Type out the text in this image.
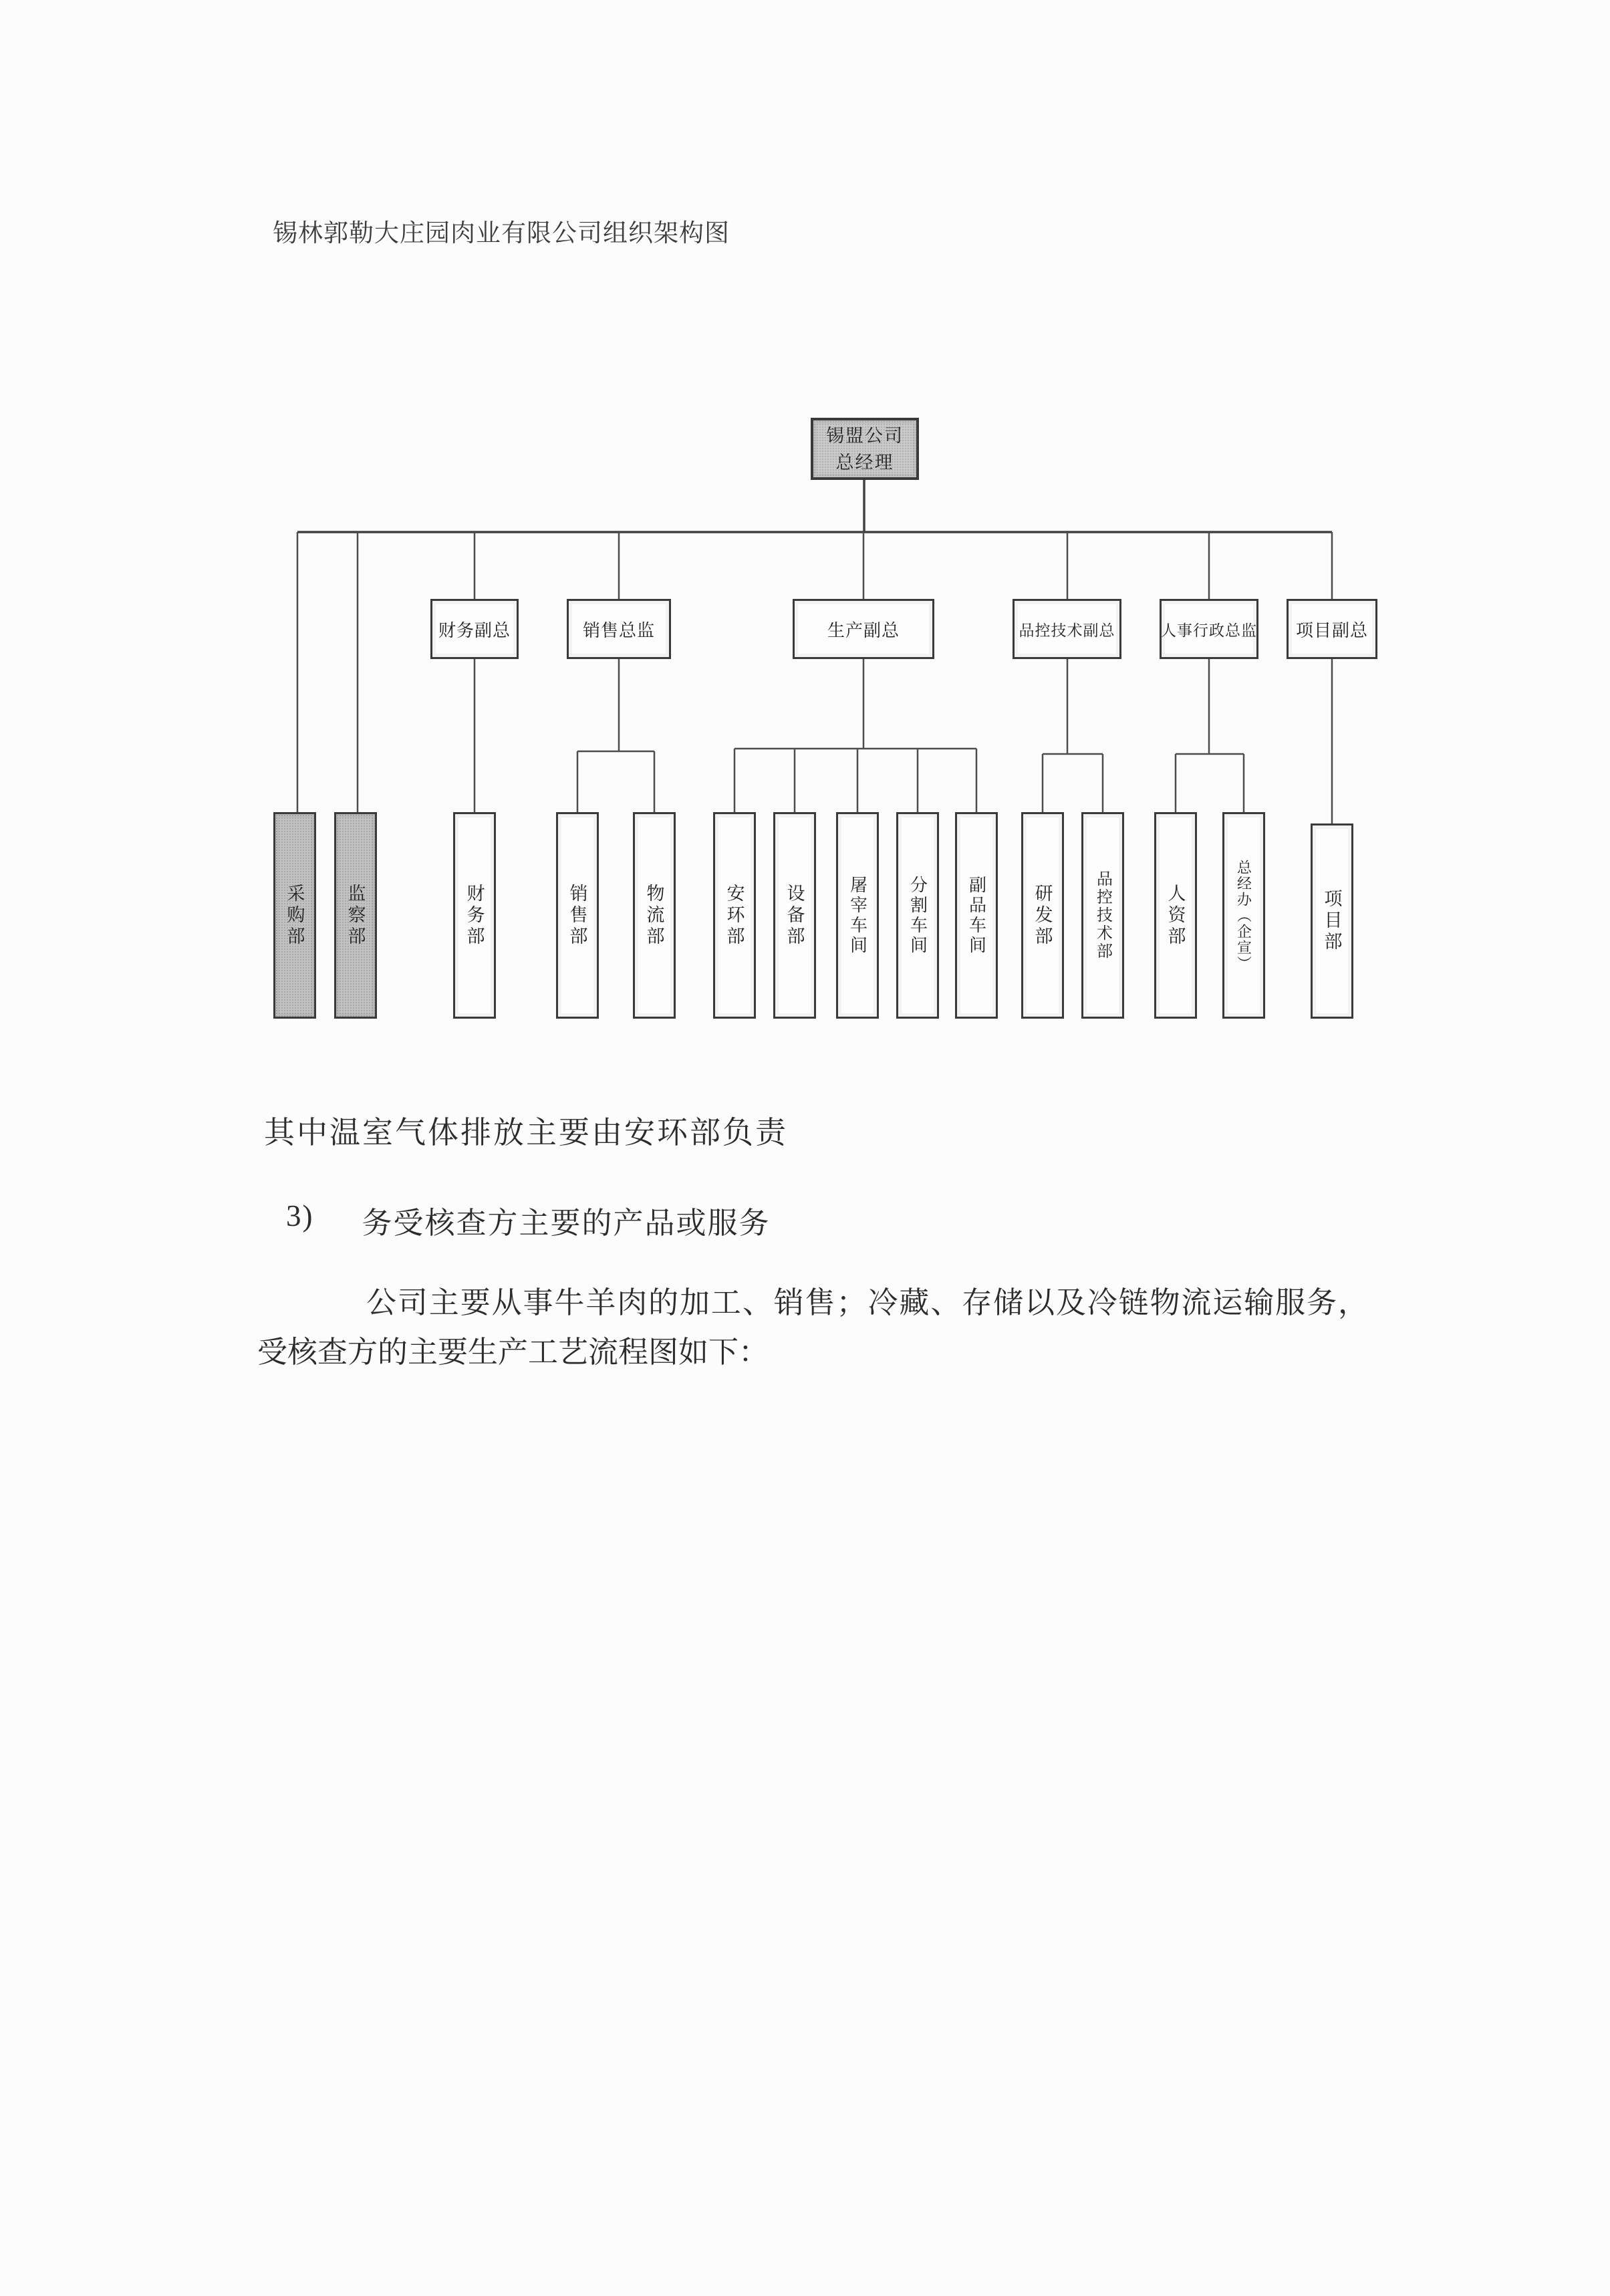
锡林郭勒大庄园肉业有限公司组织架构图
锡盟公司
总经理
财务副总	销售总监	生产副总	品控技术副总	人事行政总监	项目副总
采购部 监察部	财务部	销售部	物流部	安环部 设备部	屠宰车间 分割车间 副品车间	研发部	品控技术部	人资部	总经办（企宣）	项目部
其中温室气体排放主要由安环部负责
3) 务受核查方主要的产品或服务
公司主要从事牛羊肉的加工、销售；冷藏、存储以及冷链物流运输服务，
受核查方的主要生产工艺流程图如下：
